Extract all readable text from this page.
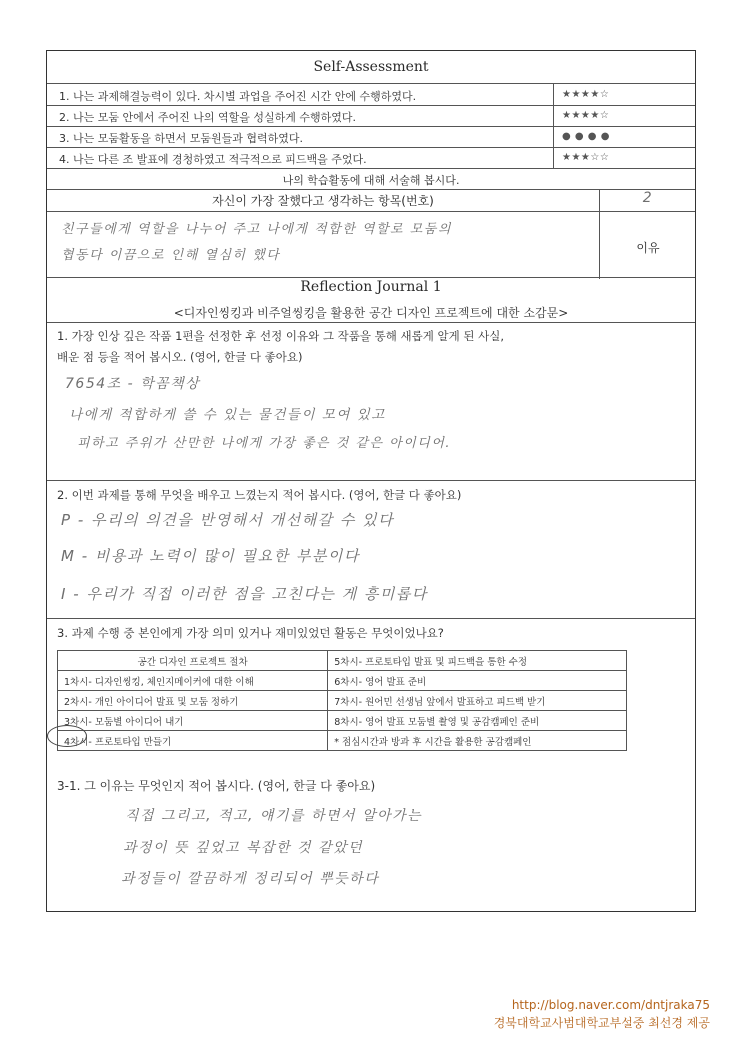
Self-Assessment
1. 나는 과제해결능력이 있다. 차시별 과업을 주어진 시간 안에 수행하였다.	★★★★☆
2. 나는 모둠 안에서 주어진 나의 역할을 성실하게 수행하였다.	★★★★☆
3. 나는 모둠활동을 하면서 모둠원들과 협력하였다.	● ● ● ●
4. 나는 다른 조 발표에 경청하였고 적극적으로 피드백을 주었다.	★★★☆☆
나의 학습활동에 대해 서술해 봅시다.
자신이 가장 잘했다고 생각하는 항목(번호)	2
친구들에게 역할을 나누어 주고 나에게 적합한 역할로 모둠의
협동다 이끔으로 인해 열심히 했다	이유
Reflection Journal 1
<디자인씽킹과 비주얼씽킹을 활용한 공간 디자인 프로젝트에 대한 소감문>
1. 가장 인상 깊은 작품 1편을 선정한 후 선정 이유와 그 작품을 통해 새롭게 알게 된 사실,
배운 점 등을 적어 봅시오. (영어, 한글 다 좋아요)
7654조 - 학꼼책상
나에게 적합하게 쓸 수 있는 물건들이 모여 있고
피하고 주위가 산만한 나에게 가장 좋은 것 같은 아이디어.
2. 이번 과제를 통해 무엇을 배우고 느꼈는지 적어 봅시다. (영어, 한글 다 좋아요)
P - 우리의 의견을 반영해서 개선해갈 수 있다
M - 비용과 노력이 많이 필요한 부분이다
I - 우리가 직접 이러한 점을 고친다는 게 흥미롭다
3. 과제 수행 중 본인에게 가장 의미 있거나 재미있었던 활동은 무엇이었나요?
공간 디자인 프로젝트 절차	5차시- 프로토타입 발표 및 피드백을 통한 수정
1차시- 디자인씽킹, 체인지메이커에 대한 이해	6차시- 영어 발표 준비
2차시- 개인 아이디어 발표 및 모둠 정하기	7차시- 원어민 선생님 앞에서 발표하고 피드백 받기
3차시- 모둠별 아이디어 내기	8차시- 영어 발표 모둠별 촬영 및 공감캠페인 준비
4차시- 프로토타입 만들기	* 점심시간과 방과 후 시간을 활용한 공감캠페인
3-1. 그 이유는 무엇인지 적어 봅시다. (영어, 한글 다 좋아요)
직접 그리고, 적고, 얘기를 하면서 알아가는
과정이 뜻 깊었고 복잡한 것 같았던
과정들이 깔끔하게 정리되어 뿌듯하다
http://blog.naver.com/dntjraka75
경북대학교사범대학교부설중 최선경 제공
